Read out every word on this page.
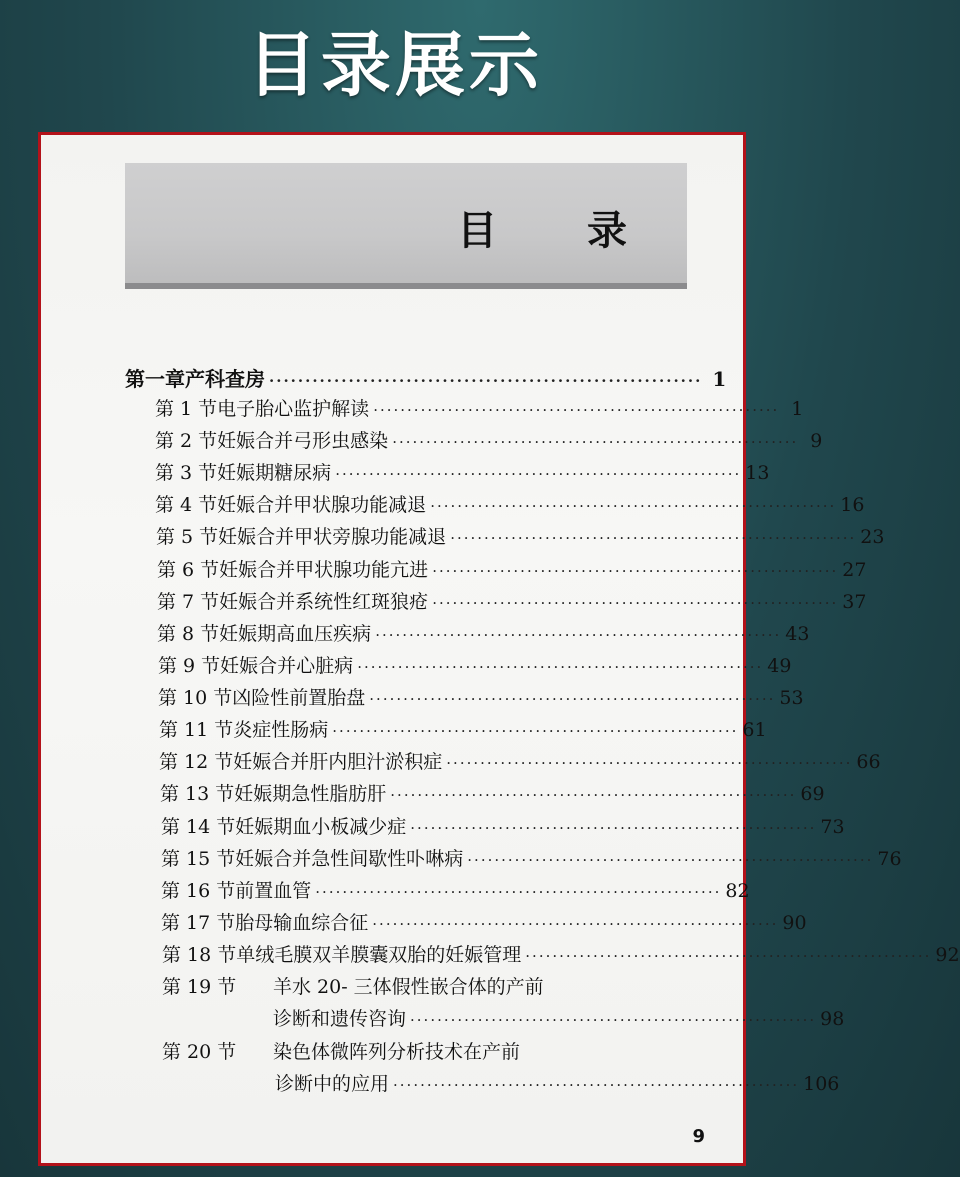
目录展示
目 录
第一章 产科查房 ···························································· 1
第 1 节 电子胎心监护解读 ···························································· 1
第 2 节 妊娠合并弓形虫感染 ···························································· 9
第 3 节 妊娠期糖尿病 ···························································· 13
第 4 节 妊娠合并甲状腺功能减退 ···························································· 16
第 5 节 妊娠合并甲状旁腺功能减退 ···························································· 23
第 6 节 妊娠合并甲状腺功能亢进 ···························································· 27
第 7 节 妊娠合并系统性红斑狼疮 ···························································· 37
第 8 节 妊娠期高血压疾病 ···························································· 43
第 9 节 妊娠合并心脏病 ···························································· 49
第 10 节 凶险性前置胎盘 ···························································· 53
第 11 节 炎症性肠病 ···························································· 61
第 12 节 妊娠合并肝内胆汁淤积症 ···························································· 66
第 13 节 妊娠期急性脂肪肝 ···························································· 69
第 14 节 妊娠期血小板减少症 ···························································· 73
第 15 节 妊娠合并急性间歇性卟啉病 ···························································· 76
第 16 节 前置血管 ···························································· 82
第 17 节 胎母输血综合征 ···························································· 90
第 18 节 单绒毛膜双羊膜囊双胎的妊娠管理 ···························································· 92
第 19 节	羊水 20- 三体假性嵌合体的产前
诊断和遗传咨询 ···························································· 98
第 20 节	染色体微阵列分析技术在产前
诊断中的应用 ···························································· 106
9
